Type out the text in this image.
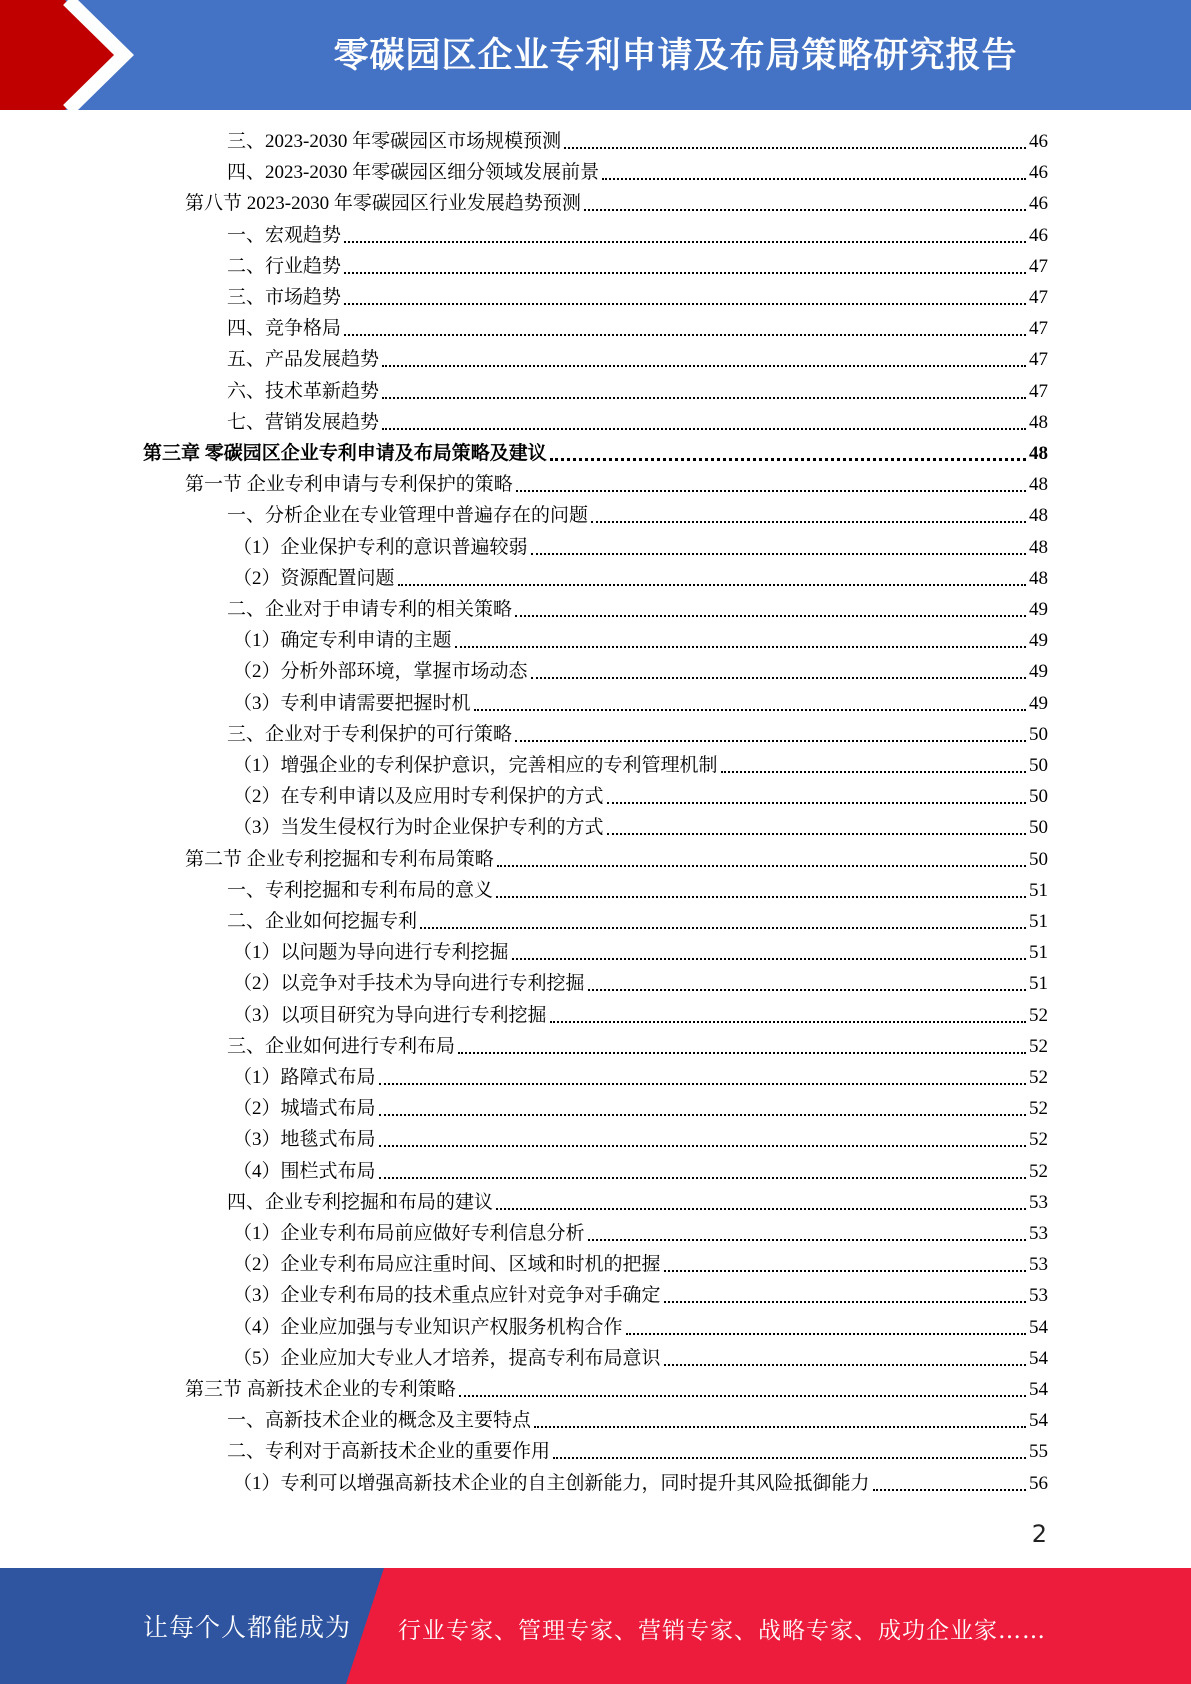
零碳园区企业专利申请及布局策略研究报告
三、2023-2030 年零碳园区市场规模预测	46
四、2023-2030 年零碳园区细分领域发展前景	46
第八节 2023-2030 年零碳园区行业发展趋势预测	46
一、宏观趋势	46
二、行业趋势	47
三、市场趋势	47
四、竞争格局	47
五、产品发展趋势	47
六、技术革新趋势	47
七、营销发展趋势	48
第三章 零碳园区企业专利申请及布局策略及建议	48
第一节 企业专利申请与专利保护的策略	48
一、分析企业在专业管理中普遍存在的问题	48
（1）企业保护专利的意识普遍较弱	48
（2）资源配置问题	48
二、企业对于申请专利的相关策略	49
（1）确定专利申请的主题	49
（2）分析外部环境，掌握市场动态	49
（3）专利申请需要把握时机	49
三、企业对于专利保护的可行策略	50
（1）增强企业的专利保护意识，完善相应的专利管理机制	50
（2）在专利申请以及应用时专利保护的方式	50
（3）当发生侵权行为时企业保护专利的方式	50
第二节 企业专利挖掘和专利布局策略	50
一、专利挖掘和专利布局的意义	51
二、企业如何挖掘专利	51
（1）以问题为导向进行专利挖掘	51
（2）以竞争对手技术为导向进行专利挖掘	51
（3）以项目研究为导向进行专利挖掘	52
三、企业如何进行专利布局	52
（1）路障式布局	52
（2）城墙式布局	52
（3）地毯式布局	52
（4）围栏式布局	52
四、企业专利挖掘和布局的建议	53
（1）企业专利布局前应做好专利信息分析	53
（2）企业专利布局应注重时间、区域和时机的把握	53
（3）企业专利布局的技术重点应针对竞争对手确定	53
（4）企业应加强与专业知识产权服务机构合作	54
（5）企业应加大专业人才培养，提高专利布局意识	54
第三节 高新技术企业的专利策略	54
一、高新技术企业的概念及主要特点	54
二、专利对于高新技术企业的重要作用	55
（1）专利可以增强高新技术企业的自主创新能力，同时提升其风险抵御能力	56
2
让每个人都能成为 行业专家、管理专家、营销专家、战略专家、成功企业家……
